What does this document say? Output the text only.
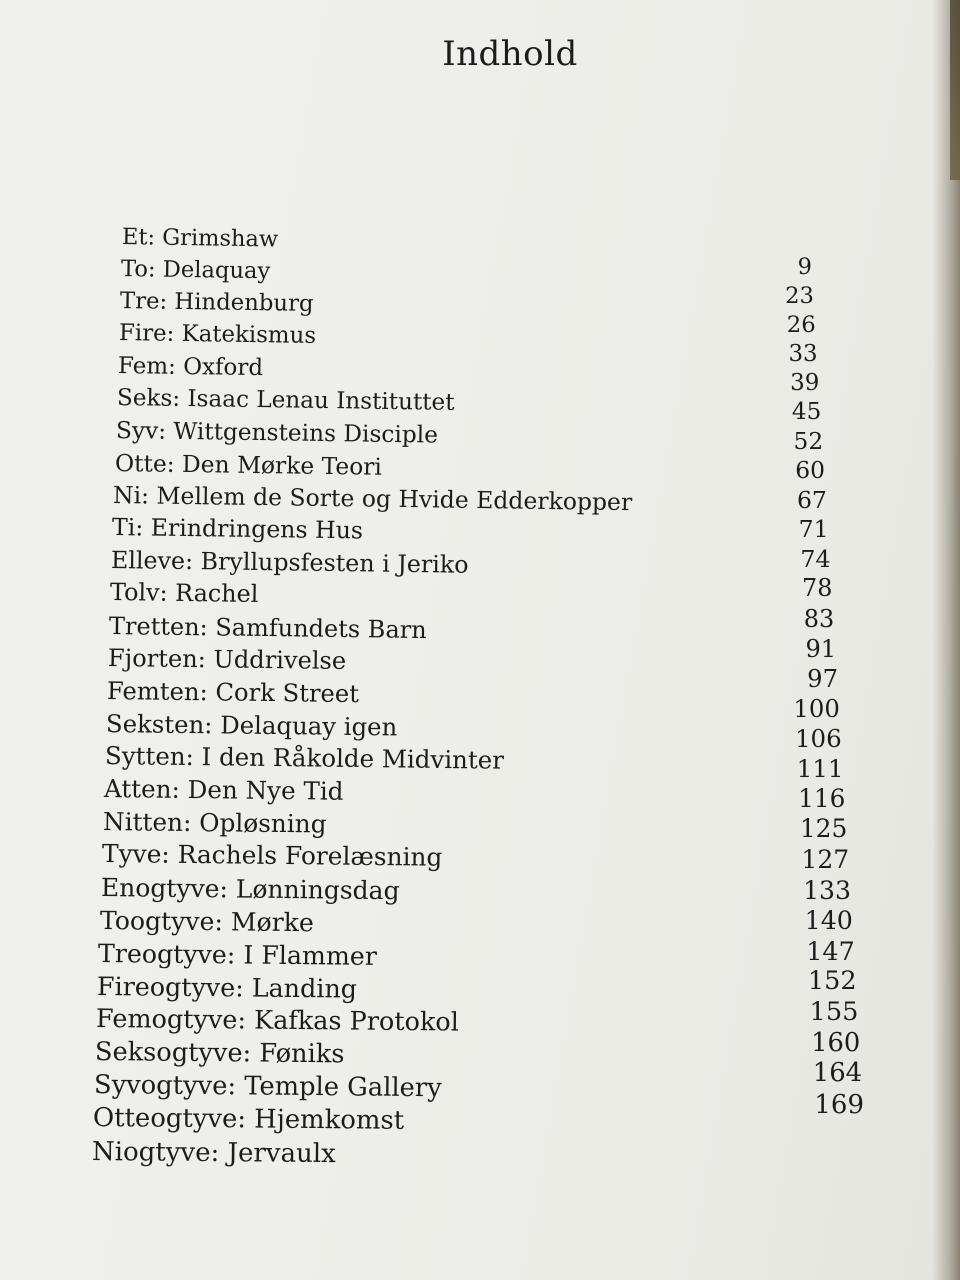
Indhold
Et: Grimshaw
To: Delaquay
Tre: Hindenburg
Fire: Katekismus
Fem: Oxford
Seks: Isaac Lenau Instituttet
Syv: Wittgensteins Disciple
Otte: Den Mørke Teori
Ni: Mellem de Sorte og Hvide Edderkopper
Ti: Erindringens Hus
Elleve: Bryllupsfesten i Jeriko
Tolv: Rachel
Tretten: Samfundets Barn
Fjorten: Uddrivelse
Femten: Cork Street
Seksten: Delaquay igen
Sytten: I den Råkolde Midvinter
Atten: Den Nye Tid
Nitten: Opløsning
Tyve: Rachels Forelæsning
Enogtyve: Lønningsdag
Toogtyve: Mørke
Treogtyve: I Flammer
Fireogtyve: Landing
Femogtyve: Kafkas Protokol
Seksogtyve: Føniks
Syvogtyve: Temple Gallery
Otteogtyve: Hjemkomst
Niogtyve: Jervaulx
9
23
26
33
39
45
52
60
67
71
74
78
83
91
97
100
106
111
116
125
127
133
140
147
152
155
160
164
169
